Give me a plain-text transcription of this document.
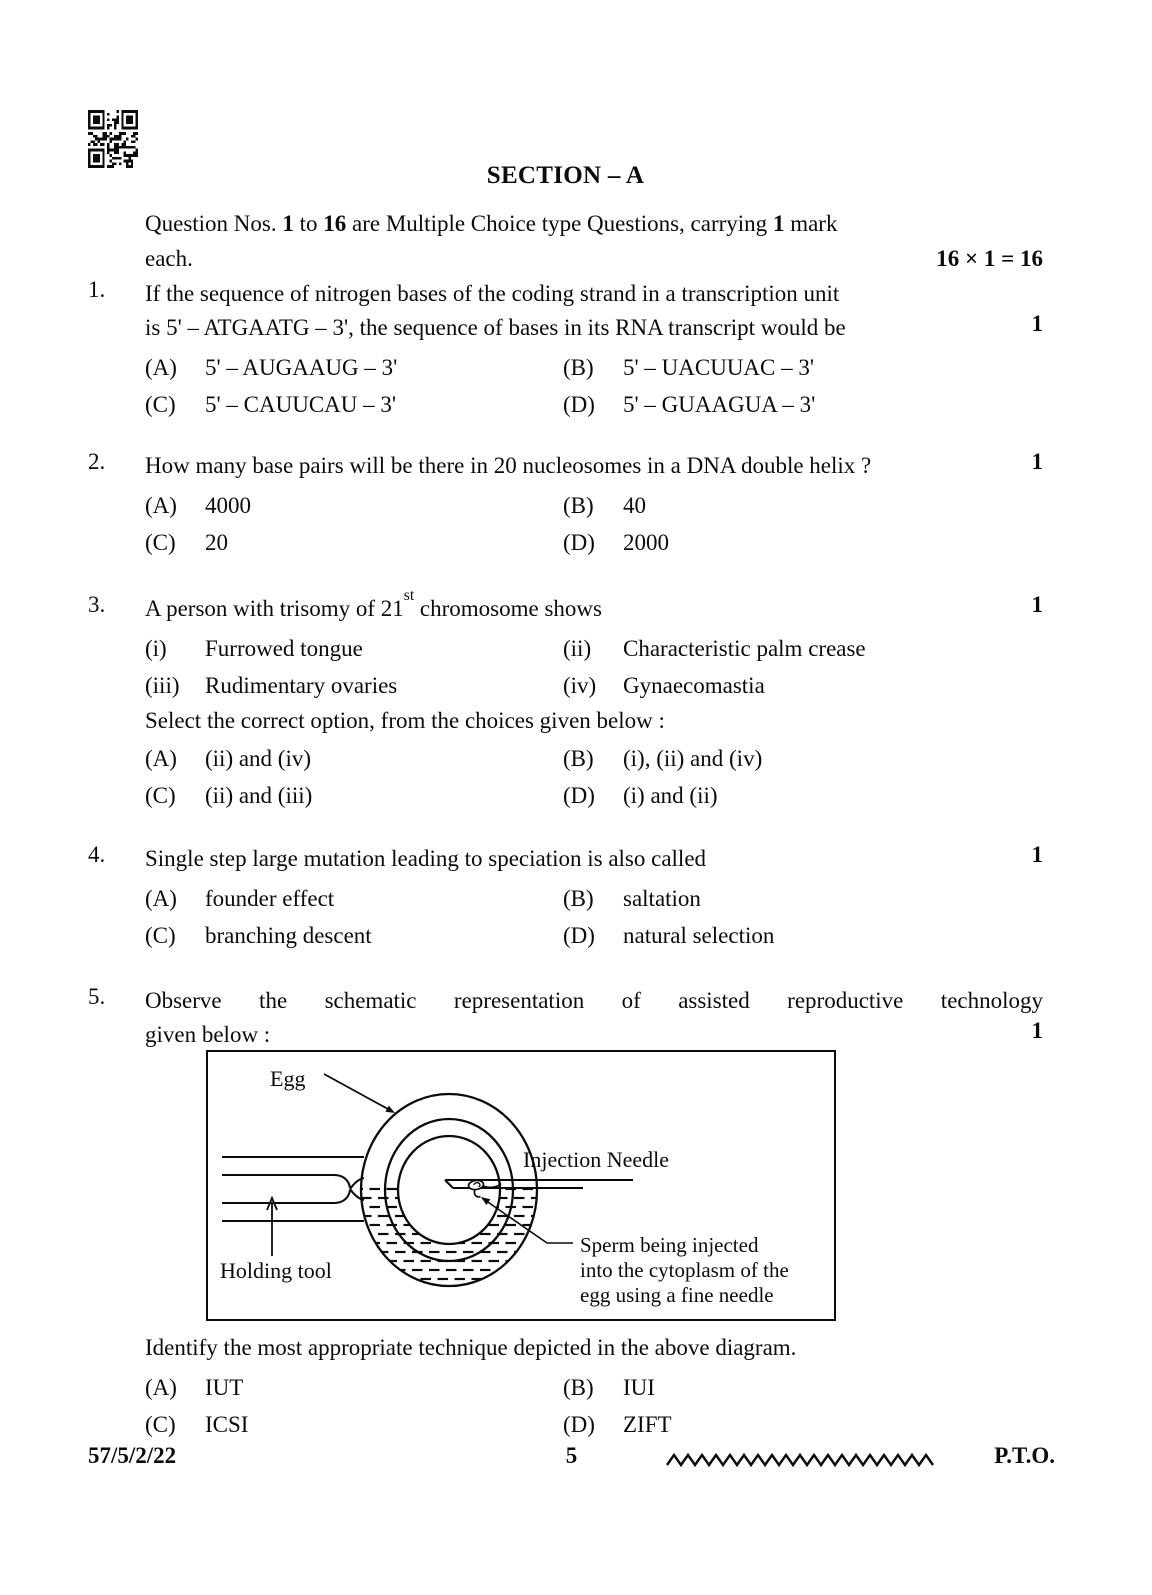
SECTION – A
Question Nos. 1 to 16 are Multiple Choice type Questions, carrying 1 mark
each.	16 × 1 = 16
1. If the sequence of nitrogen bases of the coding strand in a transcription unit
is 5' – ATGAATG – 3', the sequence of bases in its RNA transcript would be
(A)	5' – AUGAAUG – 3'	(B)	5' – UACUUAC – 3'
(C)	5' – CAUUCAU – 3'	(D)	5' – GUAAGUA – 3'
1
2. How many base pairs will be there in 20 nucleosomes in a DNA double helix ?
(A)	4000	(B)	40
(C)	20	(D)	2000
1
3. A person with trisomy of 21st chromosome shows
(i)	Furrowed tongue	(ii)	Characteristic palm crease
(iii)	Rudimentary ovaries	(iv)	Gynaecomastia
Select the correct option, from the choices given below :
(A)	(ii) and (iv)	(B)	(i), (ii) and (iv)
(C)	(ii) and (iii)	(D)	(i) and (ii)
1
4. Single step large mutation leading to speciation is also called
(A)	founder effect	(B)	saltation
(C)	branching descent	(D)	natural selection
1
5. Observe the schematic representation of assisted reproductive technology
given below :	1
Egg
Holding tool
Injection Needle
Sperm being injected
into the cytoplasm of the
egg using a fine needle
Identify the most appropriate technique depicted in the above diagram.
(A)	IUT	(B)	IUI
(C)	ICSI	(D)	ZIFT
57/5/2/22	5	P.T.O.
